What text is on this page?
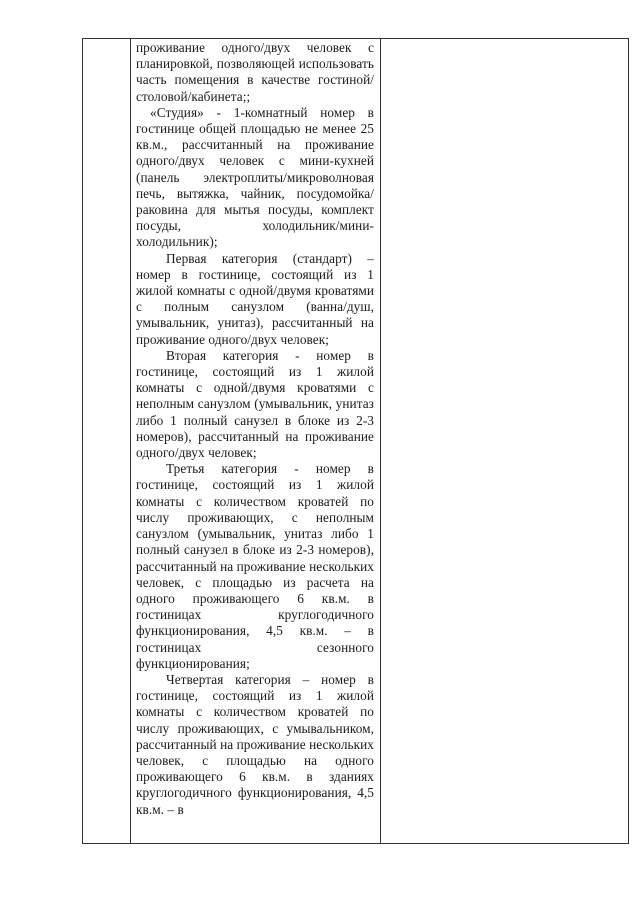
проживание одного/двух человек с планировкой, позволяющей использовать часть помещения в качестве гостиной/столовой/кабинета;;

«Студия» - 1-комнатный номер в гостинице общей площадью не менее 25 кв.м., рассчитанный на проживание одного/двух человек с мини-кухней (панель электроплиты/микроволновая печь, вытяжка, чайник, посудомойка/раковина для мытья посуды, комплект посуды, холодильник/мини-холодильник);

Первая категория (стандарт) – номер в гостинице, состоящий из 1 жилой комнаты с одной/двумя кроватями с полным санузлом (ванна/душ, умывальник, унитаз), рассчитанный на проживание одного/двух человек;

Вторая категория - номер в гостинице, состоящий из 1 жилой комнаты с одной/двумя кроватями с неполным санузлом (умывальник, унитаз либо 1 полный санузел в блоке из 2-3 номеров), рассчитанный на проживание одного/двух человек;

Третья категория - номер в гостинице, состоящий из 1 жилой комнаты с количеством кроватей по числу проживающих, с неполным санузлом (умывальник, унитаз либо 1 полный санузел в блоке из 2-3 номеров), рассчитанный на проживание нескольких человек, с площадью из расчета на одного проживающего 6 кв.м. в гостиницах круглогодичного функционирования, 4,5 кв.м. – в гостиницах сезонного функционирования;

Четвертая категория – номер в гостинице, состоящий из 1 жилой комнаты с количеством кроватей по числу проживающих, с умывальником, рассчитанный на проживание нескольких человек, с площадью на одного проживающего 6 кв.м. в зданиях круглогодичного функционирования, 4,5 кв.м. – в
